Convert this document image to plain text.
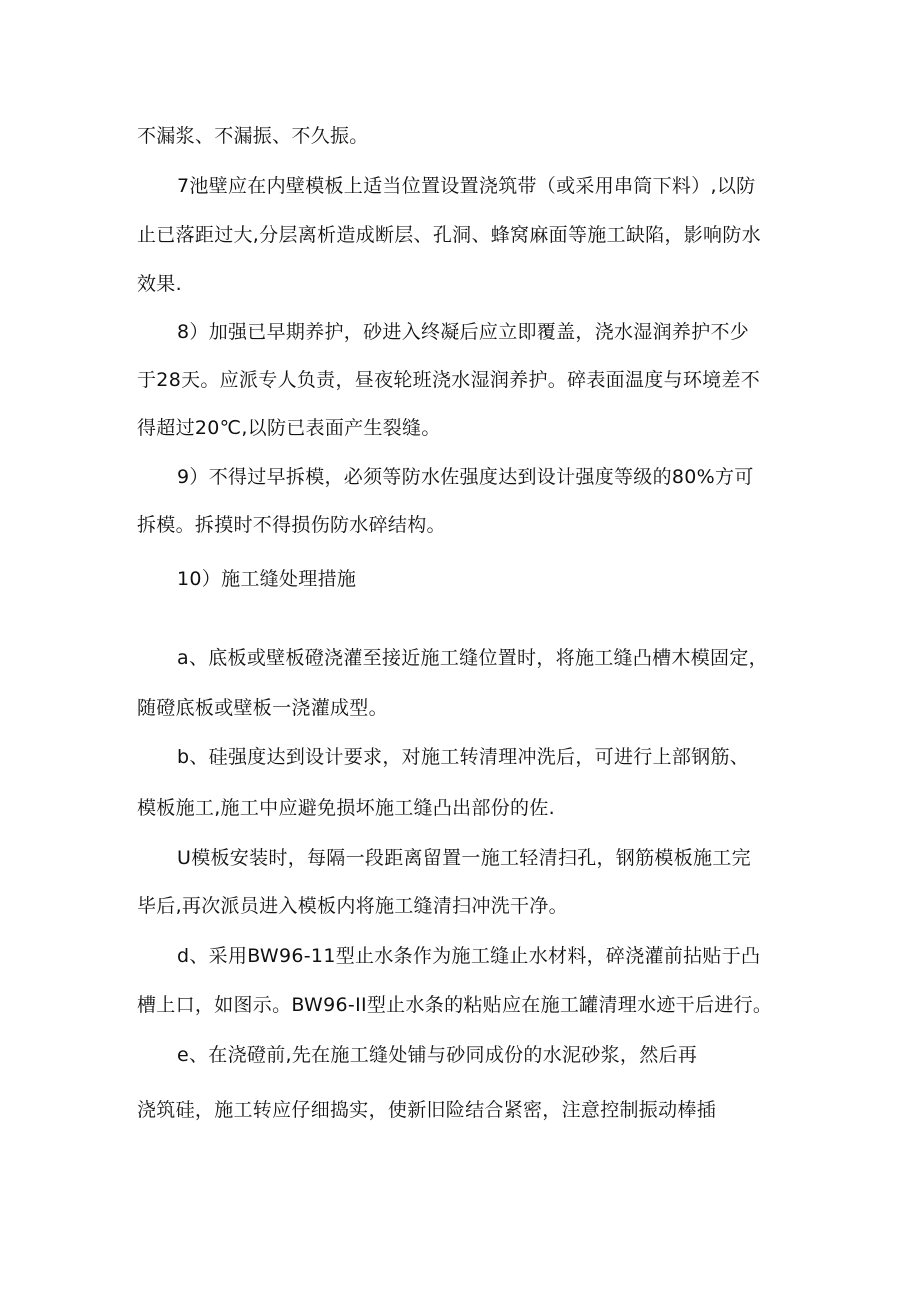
不漏浆、不漏振、不久振。
7池壁应在内壁模板上适当位置设置浇筑带（或采用串筒下料）,以防
止已落距过大,分层离析造成断层、孔洞、蜂窝麻面等施工缺陷，影响防水
效果.
8）加强已早期养护，砂进入终凝后应立即覆盖，浇水湿润养护不少
于28天。应派专人负责，昼夜轮班浇水湿润养护。碎表面温度与环境差不
得超过20℃,以防已表面产生裂缝。
9）不得过早拆模，必须等防水佐强度达到设计强度等级的80%方可
拆模。拆摸时不得损伤防水碎结构。
10）施工缝处理措施
a、底板或壁板磴浇灌至接近施工缝位置时，将施工缝凸槽木模固定，
随磴底板或壁板一浇灌成型。
b、硅强度达到设计要求，对施工转清理冲洗后，可进行上部钢筋、
模板施工,施工中应避免损坏施工缝凸出部份的佐.
U模板安装时，每隔一段距离留置一施工轻清扫孔，钢筋模板施工完
毕后,再次派员进入模板内将施工缝清扫冲洗干净。
d、采用BW96-11型止水条作为施工缝止水材料，碎浇灌前拈贴于凸
槽上口，如图示。BW96-II型止水条的粘贴应在施工罐清理水迹干后进行。
e、在浇磴前,先在施工缝处铺与砂同成份的水泥砂浆，然后再
浇筑硅，施工转应仔细捣实，使新旧险结合紧密，注意控制振动棒插
